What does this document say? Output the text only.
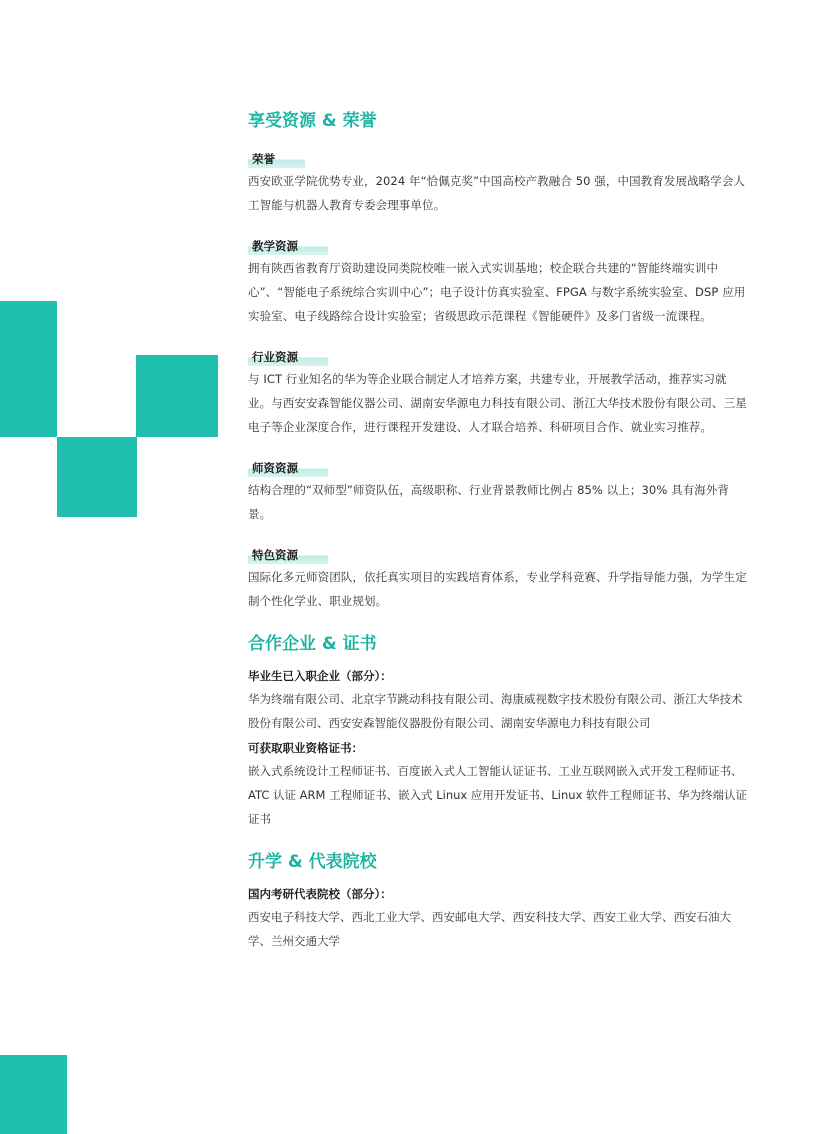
享受资源 & 荣誉
荣誉

西安欧亚学院优势专业，2024 年“恰佩克奖”中国高校产教融合 50 强，中国教育发展战略学会人工智能与机器人教育专委会理事单位。

教学资源

拥有陕西省教育厅资助建设同类院校唯一嵌入式实训基地；校企联合共建的“智能终端实训中心”、“智能电子系统综合实训中心”；电子设计仿真实验室、FPGA 与数字系统实验室、DSP 应用实验室、电子线路综合设计实验室；省级思政示范课程《智能硬件》及多门省级一流课程。

行业资源

与 ICT 行业知名的华为等企业联合制定人才培养方案，共建专业，开展教学活动，推荐实习就业。与西安安森智能仪器公司、湖南安华源电力科技有限公司、浙江大华技术股份有限公司、三星电子等企业深度合作，进行课程开发建设、人才联合培养、科研项目合作、就业实习推荐。

师资资源

结构合理的“双师型”师资队伍，高级职称、行业背景教师比例占 85% 以上；30% 具有海外背景。

特色资源

国际化多元师资团队，依托真实项目的实践培育体系，专业学科竞赛、升学指导能力强，为学生定制个性化学业、职业规划。

合作企业 & 证书

毕业生已入职企业（部分）：

华为终端有限公司、北京字节跳动科技有限公司、海康威视数字技术股份有限公司、浙江大华技术股份有限公司、西安安森智能仪器股份有限公司、湖南安华源电力科技有限公司

可获取职业资格证书：

嵌入式系统设计工程师证书、百度嵌入式人工智能认证证书、工业互联网嵌入式开发工程师证书、ATC 认证 ARM 工程师证书、嵌入式 Linux 应用开发证书、Linux 软件工程师证书、华为终端认证证书

升学 & 代表院校

国内考研代表院校（部分）：

西安电子科技大学、西北工业大学、西安邮电大学、西安科技大学、西安工业大学、西安石油大学、兰州交通大学
